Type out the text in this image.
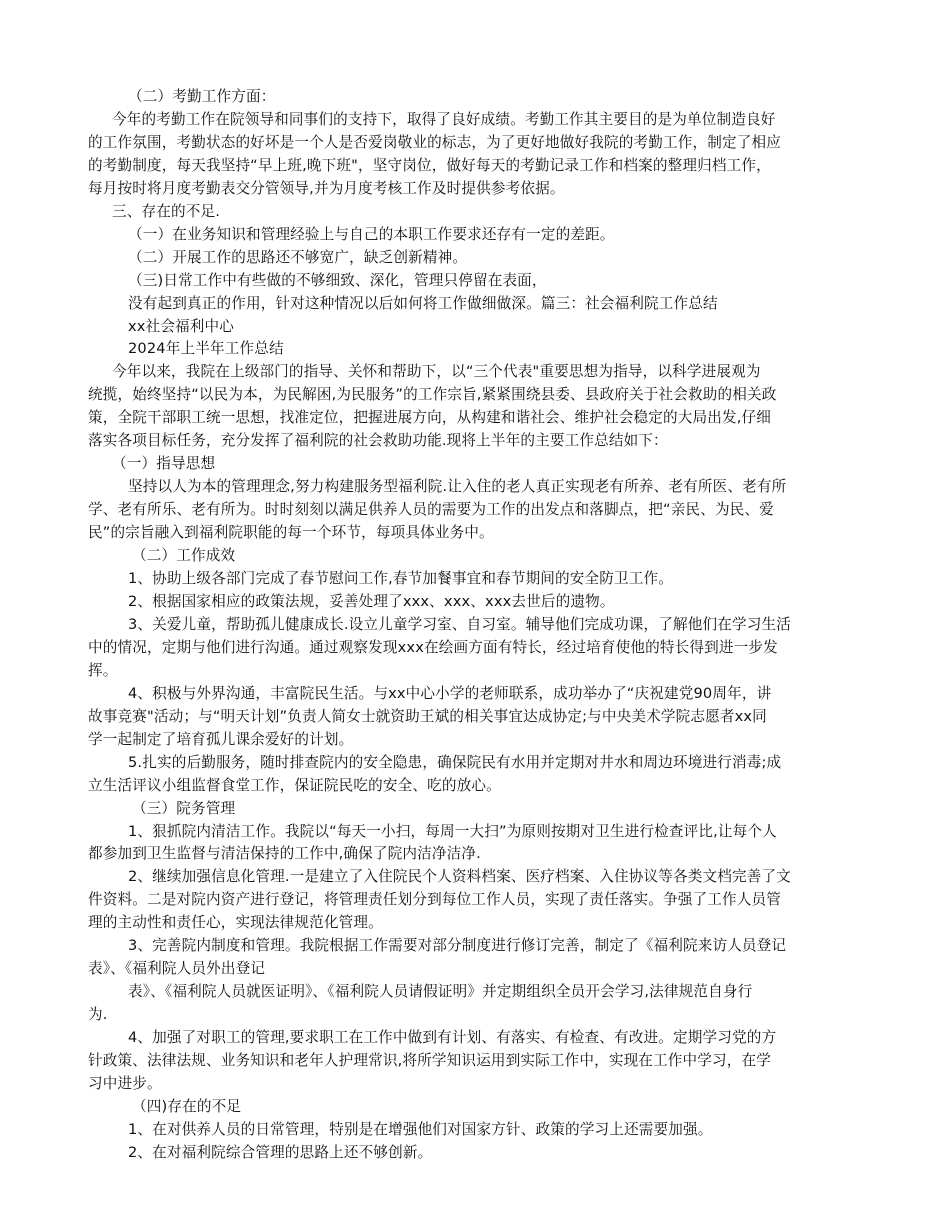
（二）考勤工作方面：
今年的考勤工作在院领导和同事们的支持下，取得了良好成绩。考勤工作其主要目的是为单位制造良好
的工作氛围，考勤状态的好坏是一个人是否爱岗敬业的标志，为了更好地做好我院的考勤工作，制定了相应
的考勤制度，每天我坚持“早上班,晚下班"，坚守岗位，做好每天的考勤记录工作和档案的整理归档工作，
每月按时将月度考勤表交分管领导,并为月度考核工作及时提供参考依据。
三、存在的不足.
（一）在业务知识和管理经验上与自己的本职工作要求还存有一定的差距。
（二）开展工作的思路还不够宽广，缺乏创新精神。
（三)日常工作中有些做的不够细致、深化，管理只停留在表面，
没有起到真正的作用，针对这种情况以后如何将工作做细做深。篇三：社会福利院工作总结
xx社会福利中心
2024年上半年工作总结
今年以来，我院在上级部门的指导、关怀和帮助下，以“三个代表"重要思想为指导，以科学进展观为
统揽，始终坚持“以民为本，为民解困,为民服务”的工作宗旨,紧紧围绕县委、县政府关于社会救助的相关政
策，全院干部职工统一思想，找准定位，把握进展方向，从构建和谐社会、维护社会稳定的大局出发,仔细
落实各项目标任务，充分发挥了福利院的社会救助功能.现将上半年的主要工作总结如下：
（一）指导思想
坚持以人为本的管理理念,努力构建服务型福利院.让入住的老人真正实现老有所养、老有所医、老有所
学、老有所乐、老有所为。时时刻刻以满足供养人员的需要为工作的出发点和落脚点，把“亲民、为民、爱
民”的宗旨融入到福利院职能的每一个环节，每项具体业务中。
（二）工作成效
1、协助上级各部门完成了春节慰问工作,春节加餐事宜和春节期间的安全防卫工作。
2、根据国家相应的政策法规，妥善处理了xxx、xxx、xxx去世后的遗物。
3、关爱儿童，帮助孤儿健康成长.设立儿童学习室、自习室。辅导他们完成功课，了解他们在学习生活
中的情况，定期与他们进行沟通。通过观察发现xxx在绘画方面有特长，经过培育使他的特长得到进一步发
挥。
4、积极与外界沟通，丰富院民生活。与xx中心小学的老师联系，成功举办了“庆祝建党90周年，讲
故事竞赛"活动；与“明天计划”负责人简女士就资助王斌的相关事宜达成协定;与中央美术学院志愿者xx同
学一起制定了培育孤儿课余爱好的计划。
5.扎实的后勤服务，随时排查院内的安全隐患，确保院民有水用并定期对井水和周边环境进行消毒;成
立生活评议小组监督食堂工作，保证院民吃的安全、吃的放心。
（三）院务管理
1、狠抓院内清洁工作。我院以“每天一小扫，每周一大扫”为原则按期对卫生进行检查评比,让每个人
都参加到卫生监督与清洁保持的工作中,确保了院内洁净洁净.
2、继续加强信息化管理.一是建立了入住院民个人资料档案、医疗档案、入住协议等各类文档完善了文
件资料。二是对院内资产进行登记，将管理责任划分到每位工作人员，实现了责任落实。争强了工作人员管
理的主动性和责任心，实现法律规范化管理。
3、完善院内制度和管理。我院根据工作需要对部分制度进行修订完善，制定了《福利院来访人员登记
表》、《福利院人员外出登记
表》、《福利院人员就医证明》、《福利院人员请假证明》并定期组织全员开会学习,法律规范自身行
为.
4、加强了对职工的管理,要求职工在工作中做到有计划、有落实、有检查、有改进。定期学习党的方
针政策、法律法规、业务知识和老年人护理常识,将所学知识运用到实际工作中，实现在工作中学习，在学
习中进步。
（四)存在的不足
1、在对供养人员的日常管理，特别是在增强他们对国家方针、政策的学习上还需要加强。
2、在对福利院综合管理的思路上还不够创新。
